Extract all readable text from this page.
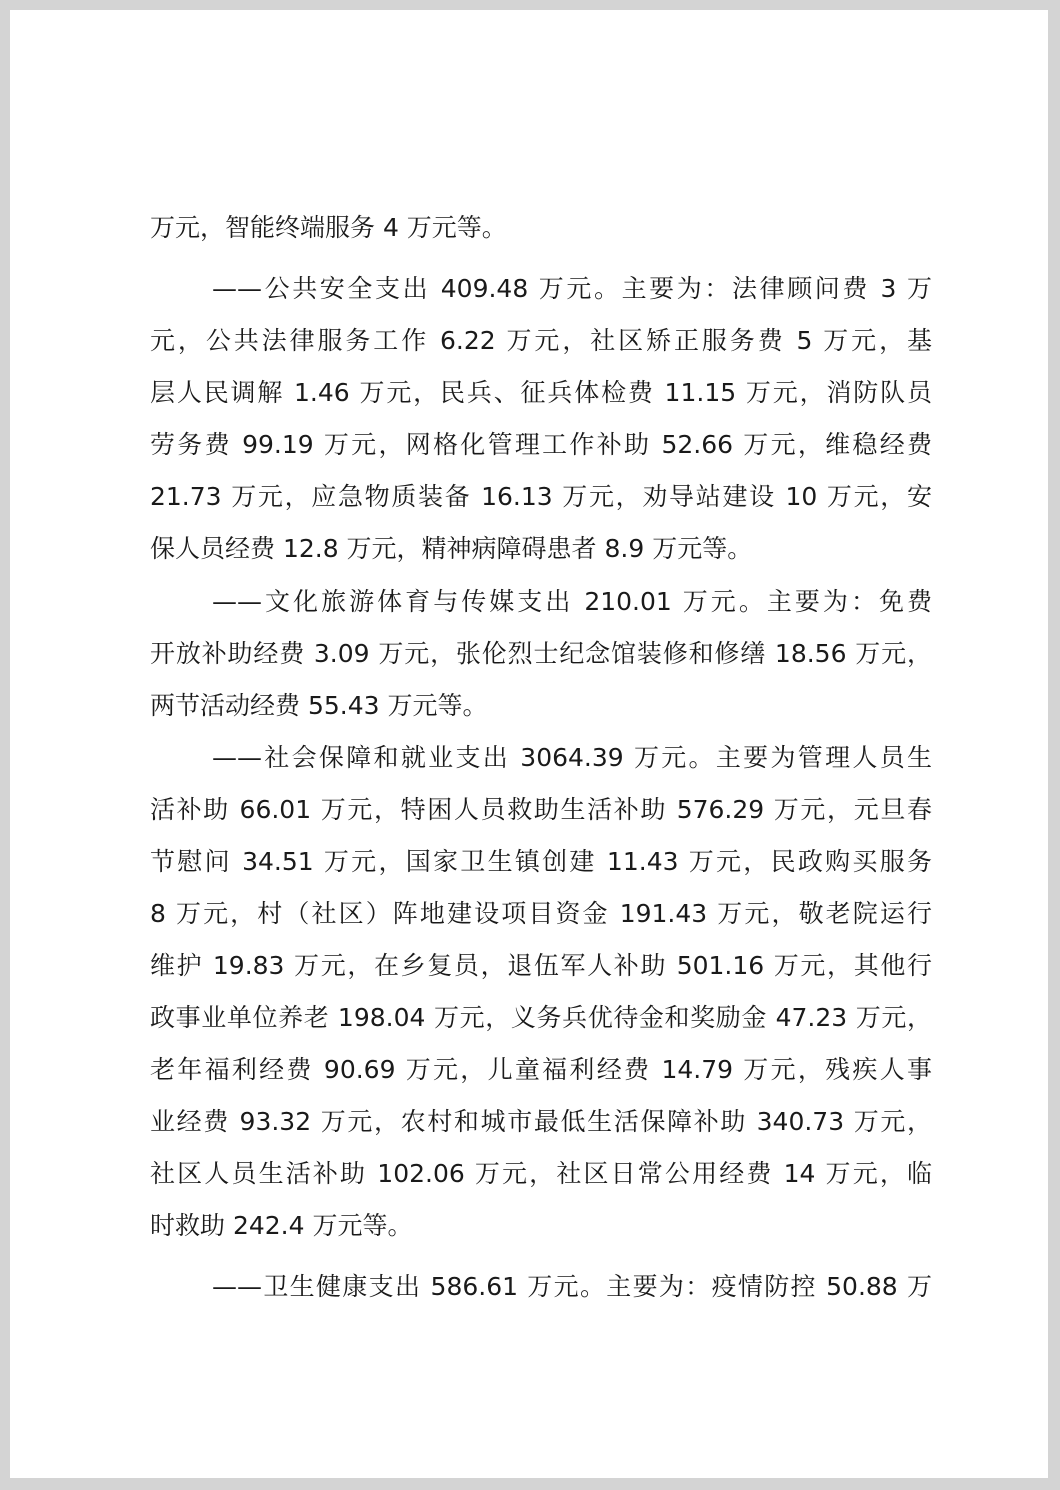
万元，智能终端服务 4 万元等。
——公共安全支出 409.48 万元。主要为：法律顾问费 3 万
元，公共法律服务工作 6.22 万元，社区矫正服务费 5 万元，基
层人民调解 1.46 万元，民兵、征兵体检费 11.15 万元，消防队员
劳务费 99.19 万元，网格化管理工作补助 52.66 万元，维稳经费
21.73 万元，应急物质装备 16.13 万元，劝导站建设 10 万元，安
保人员经费 12.8 万元，精神病障碍患者 8.9 万元等。
——文化旅游体育与传媒支出 210.01 万元。主要为：免费
开放补助经费 3.09 万元，张伦烈士纪念馆装修和修缮 18.56 万元，
两节活动经费 55.43 万元等。
——社会保障和就业支出 3064.39 万元。主要为管理人员生
活补助 66.01 万元，特困人员救助生活补助 576.29 万元，元旦春
节慰问 34.51 万元，国家卫生镇创建 11.43 万元，民政购买服务
8 万元，村（社区）阵地建设项目资金 191.43 万元，敬老院运行
维护 19.83 万元，在乡复员，退伍军人补助 501.16 万元，其他行
政事业单位养老 198.04 万元，义务兵优待金和奖励金 47.23 万元，
老年福利经费 90.69 万元，儿童福利经费 14.79 万元，残疾人事
业经费 93.32 万元，农村和城市最低生活保障补助 340.73 万元，
社区人员生活补助 102.06 万元，社区日常公用经费 14 万元，临
时救助 242.4 万元等。
——卫生健康支出 586.61 万元。主要为：疫情防控 50.88 万
